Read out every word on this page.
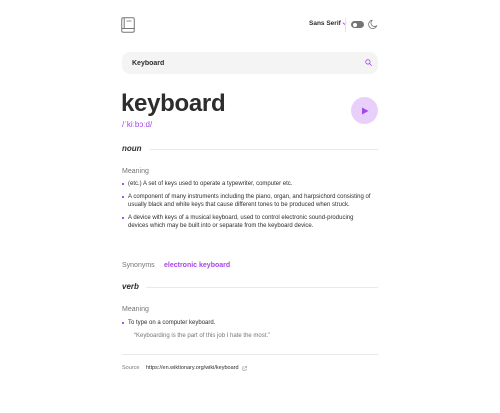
Sans Serif
Keyboard
keyboard
/ˈkiːbɔːd/
noun
Meaning
(etc.) A set of keys used to operate a typewriter, computer etc.
A component of many instruments including the piano, organ, and harpsichord consisting of usually black and white keys that cause different tones to be produced when struck.
A device with keys of a musical keyboard, used to control electronic sound-producing devices which may be built into or separate from the keyboard device.
Synonyms electronic keyboard
verb
Meaning
To type on a computer keyboard.
“Keyboarding is the part of this job I hate the most.”
Source https://en.wiktionary.org/wiki/keyboard
